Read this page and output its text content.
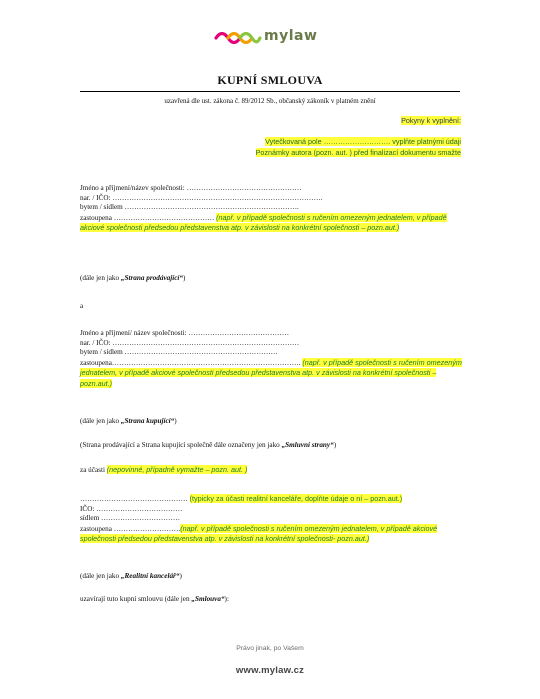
mylaw
KUPNÍ SMLOUVA
uzavřená dle ust. zákona č. 89/2012 Sb., občanský zákoník v platném znění
Pokyny k vyplnění:
Vytečkovaná pole ………………………. vyplňte platnými údaji
Poznámky autora (pozn. aut. ) před finalizací dokumentu smažte
Jméno a příjmení/název společnosti: …………………………………………
nar. / IČO: …………………………………………………………………………….
bytem / sídlem ……………………………………………………………….
zastoupena …………………………………… (např. v případě společnosti s ručením omezeným jednatelem, v případě akciové společnosti předsedou představenstva atp. v závislosti na konkrétní společnosti – pozn.aut.)
(dále jen jako „Strana prodávající“)
a
Jméno a příjmení/ název společnosti: ……………………………………
nar. / IČO: ……………………………………………………………………
bytem / sídlem ……………………………………………………….
zastoupena……………………………………………………………………. (např. v případě společnosti s ručením omezeným jednatelem, v případě akciové společnosti předsedou představenstva atp. v závislosti na konkrétní společnosti – pozn.aut.)
(dále jen jako „Strana kupující“)
(Strana prodávající a Strana kupující společně dále označeny jen jako „Smluvní strany“)
za účasti (nepovinné, případně vymažte – pozn. aut. )
……………………………………… (typicky za účasti realitní kanceláře, doplňte údaje o ní – pozn.aut.)
IČO: ………………………………
sídlem ……………………………
zastoupena ……………………….(např. v případě společnosti s ručením omezeným jednatelem, v případě akciové společnosti předsedou představenstva atp. v závislosti na konkrétní společnosti- pozn.aut.)
(dále jen jako „Realitní kancelář“)
uzavírají tuto kupní smlouvu (dále jen „Smlouva“):
Právo jinak, po Vašem
www.mylaw.cz
